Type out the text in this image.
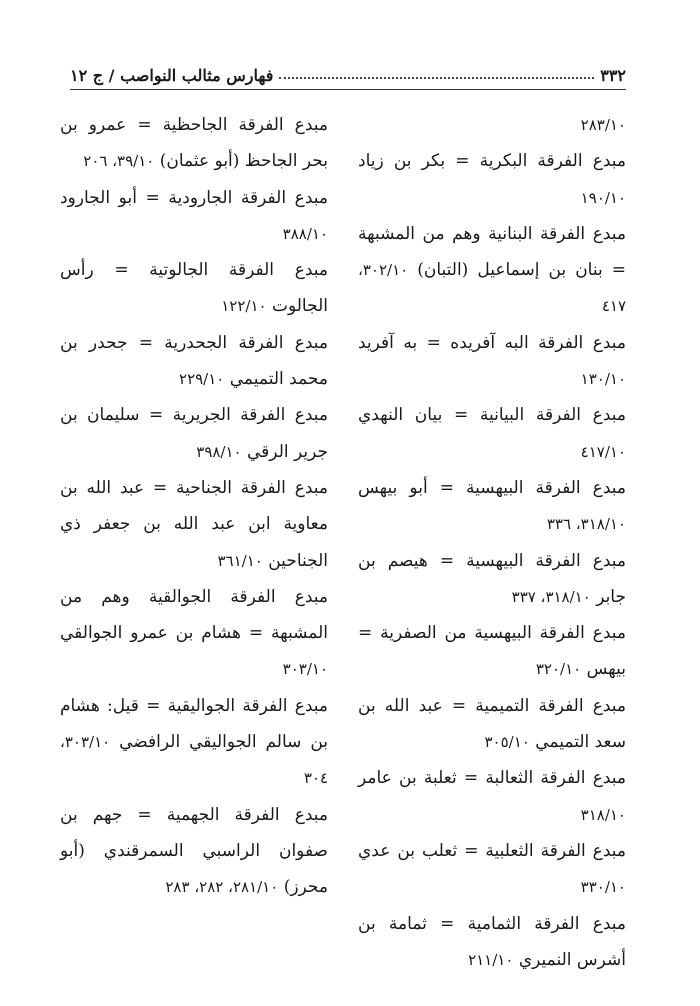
٣٣٢
فهارس مثالب النواصب / ج ١٢
٢٨٣/١٠
مبدع الفرقة البكرية = بكر بن زياد ١٩٠/١٠
مبدع الفرقة البنانية وهم من المشبهة = بنان بن إسماعيل (التبان) ٣٠٢/١٠، ٤١٧
مبدع الفرقة البه آفريده = به آفريد ١٣٠/١٠
مبدع الفرقة البيانية = بيان النهدي ٤١٧/١٠
مبدع الفرقة البيهسية = أبو بيهس ٣١٨/١٠، ٣٣٦
مبدع الفرقة البيهسية = هيصم بن جابر ٣١٨/١٠، ٣٣٧
مبدع الفرقة البيهسية من الصفرية = بيهس ٣٢٠/١٠
مبدع الفرقة التميمية = عبد الله بن سعد التميمي ٣٠٥/١٠
مبدع الفرقة الثعالبة = ثعلبة بن عامر ٣١٨/١٠
مبدع الفرقة الثعلبية = ثعلب بن عدي ٣٣٠/١٠
مبدع الفرقة الثمامية = ثمامة بن أشرس النميري ٢١١/١٠
مبدع الفرقة الجاحظية = عمرو بن بحر الجاحظ (أبو عثمان) ٣٩/١٠، ٢٠٦
مبدع الفرقة الجارودية = أبو الجارود ٣٨٨/١٠
مبدع الفرقة الجالوتية = رأس الجالوت ١٢٢/١٠
مبدع الفرقة الجحدرية = جحدر بن محمد التميمي ٢٢٩/١٠
مبدع الفرقة الجريرية = سليمان بن جرير الرقي ٣٩٨/١٠
مبدع الفرقة الجناحية = عبد الله بن معاوية ابن عبد الله بن جعفر ذي الجناحين ٣٦١/١٠
مبدع الفرقة الجوالقية وهم من المشبهة = هشام بن عمرو الجوالقي ٣٠٣/١٠
مبدع الفرقة الجواليقية = قيل: هشام بن سالم الجواليقي الرافضي ٣٠٣/١٠، ٣٠٤
مبدع الفرقة الجهمية = جهم بن صفوان الراسبي السمرقندي (أبو محرز) ٢٨١/١٠، ٢٨٢، ٢٨٣
